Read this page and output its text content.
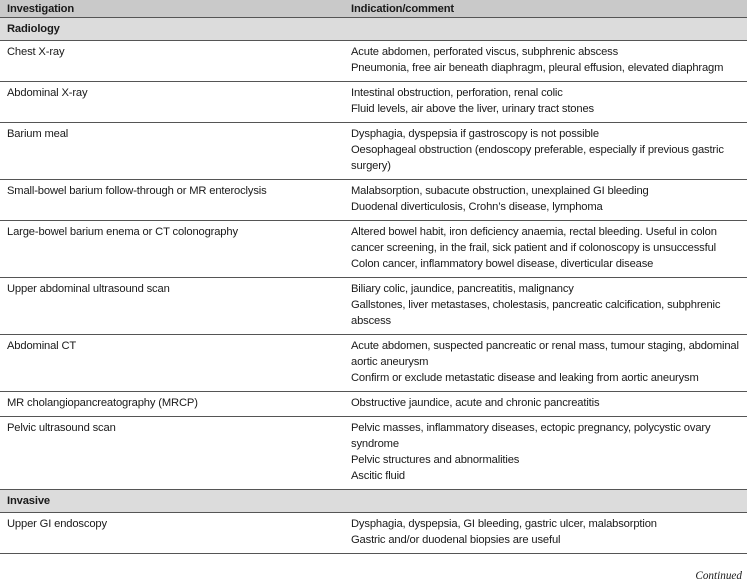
Investigation	Indication/comment
Radiology	
Chest X-ray	Acute abdomen, perforated viscus, subphrenic abscess
Pneumonia, free air beneath diaphragm, pleural effusion, elevated diaphragm

Abdominal X-ray	Intestinal obstruction, perforation, renal colic
Fluid levels, air above the liver, urinary tract stones

Barium meal	Dysphagia, dyspepsia if gastroscopy is not possible
Oesophageal obstruction (endoscopy preferable, especially if previous gastric surgery)

Small-bowel barium follow-through or MR enteroclysis	Malabsorption, subacute obstruction, unexplained GI bleeding
Duodenal diverticulosis, Crohn’s disease, lymphoma

Large-bowel barium enema or CT colonography	Altered bowel habit, iron deficiency anaemia, rectal bleeding. Useful in colon cancer screening, in the frail, sick patient and if colonoscopy is unsuccessful
Colon cancer, inflammatory bowel disease, diverticular disease

Upper abdominal ultrasound scan	Biliary colic, jaundice, pancreatitis, malignancy
Gallstones, liver metastases, cholestasis, pancreatic calcification, subphrenic abscess

Abdominal CT	Acute abdomen, suspected pancreatic or renal mass, tumour staging, abdominal aortic aneurysm
Confirm or exclude metastatic disease and leaking from aortic aneurysm

MR cholangiopancreatography (MRCP)	Obstructive jaundice, acute and chronic pancreatitis

Pelvic ultrasound scan	Pelvic masses, inflammatory diseases, ectopic pregnancy, polycystic ovary syndrome
Pelvic structures and abnormalities
Ascitic fluid

Invasive	
Upper GI endoscopy	Dysphagia, dyspepsia, GI bleeding, gastric ulcer, malabsorption
Gastric and/or duodenal biopsies are useful
Continued
